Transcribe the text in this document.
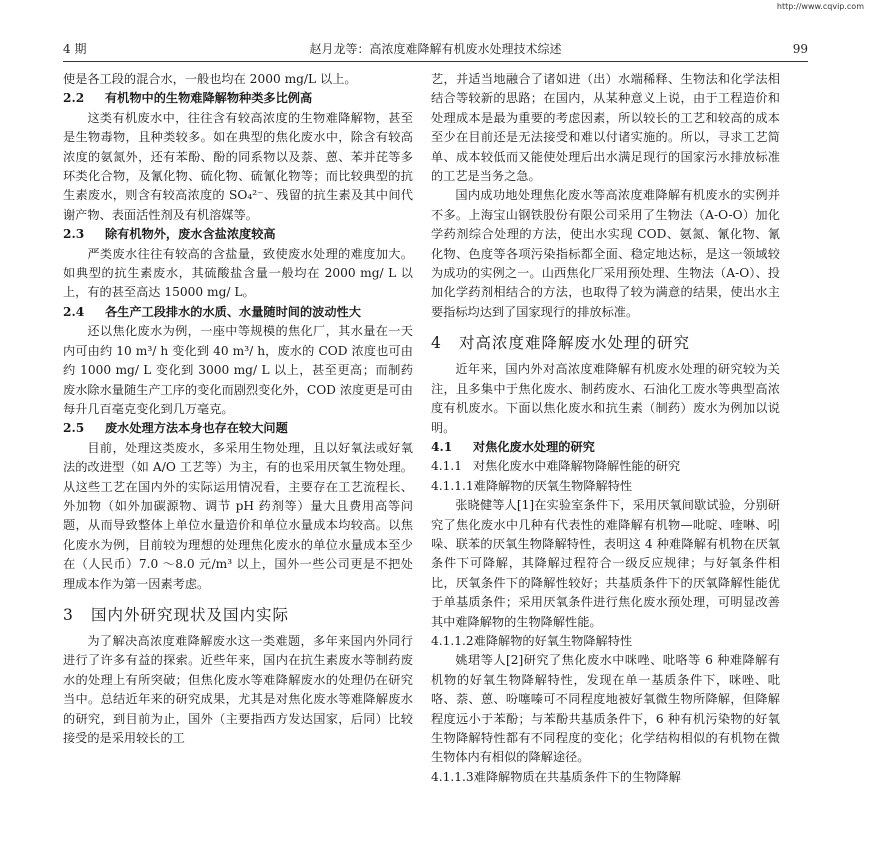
http://www.cqvip.com
4 期	赵月龙等：高浓度难降解有机废水处理技术综述	99

使是各工段的混合水，一般也均在 2000 mg/L 以上。

2.2 有机物中的生物难降解物种类多比例高

这类有机废水中，往往含有较高浓度的生物难降解物，甚至是生物毒物，且种类较多。如在典型的焦化废水中，除含有较高浓度的氨氮外，还有苯酚、酚的同系物以及萘、蒽、苯并芘等多环类化合物，及氰化物、硫化物、硫氰化物等；而比较典型的抗生素废水，则含有较高浓度的 SO₄²⁻、残留的抗生素及其中间代谢产物、表面活性剂及有机溶媒等。

2.3 除有机物外，废水含盐浓度较高

严类废水往往有较高的含盐量，致使废水处理的难度加大。如典型的抗生素废水，其硫酸盐含量一般均在 2000 mg/ L 以上，有的甚至高达 15000 mg/ L。

2.4 各生产工段排水的水质、水量随时间的波动性大

还以焦化废水为例，一座中等规模的焦化厂，其水量在一天内可由约 10 m³/ h 变化到 40 m³/ h，废水的 COD 浓度也可由约 1000 mg/ L 变化到 3000 mg/ L 以上，甚至更高；而制药废水除水量随生产工序的变化而剧烈变化外，COD 浓度更是可由每升几百毫克变化到几万毫克。

2.5 废水处理方法本身也存在较大问题

目前，处理这类废水，多采用生物处理，且以好氧法或好氧法的改进型（如 A/O 工艺等）为主，有的也采用厌氧生物处理。从这些工艺在国内外的实际运用情况看，主要存在工艺流程长、外加物（如外加碳源物、调节 pH 药剂等）量大且费用高等问题，从而导致整体上单位水量造价和单位水量成本均较高。以焦化废水为例，目前较为理想的处理焦化废水的单位水量成本至少在（人民币）7.0 ～8.0 元/m³ 以上，国外一些公司更是不把处理成本作为第一因素考虑。

3 国内外研究现状及国内实际

为了解决高浓度难降解废水这一类难题，多年来国内外同行进行了许多有益的探索。近些年来，国内在抗生素废水等制药废水的处理上有所突破；但焦化废水等难降解废水的处理仍在研究当中。总结近年来的研究成果，尤其是对焦化废水等难降解废水的研究，到目前为止，国外（主要指西方发达国家，后同）比较接受的是采用较长的工

艺，并适当地融合了诸如进（出）水端稀释、生物法和化学法相结合等较新的思路；在国内，从某种意义上说，由于工程造价和处理成本是最为重要的考虑因素，所以较长的工艺和较高的成本至少在目前还是无法接受和难以付诸实施的。所以，寻求工艺简单、成本较低而又能使处理后出水满足现行的国家污水排放标准的工艺是当务之急。

国内成功地处理焦化废水等高浓度难降解有机废水的实例并不多。上海宝山钢铁股份有限公司采用了生物法（A-O-O）加化学药剂综合处理的方法，使出水实现 COD、氨氮、氰化物、氰化物、色度等各项污染指标都全面、稳定地达标，是这一领域较为成功的实例之一。山西焦化厂采用预处理、生物法（A-O）、投加化学药剂相结合的方法，也取得了较为满意的结果，使出水主要指标均达到了国家现行的排放标准。

4 对高浓度难降解废水处理的研究

近年来，国内外对高浓度难降解有机废水处理的研究较为关注，且多集中于焦化废水、制药废水、石油化工废水等典型高浓度有机废水。下面以焦化废水和抗生素（制药）废水为例加以说明。

4.1 对焦化废水处理的研究
4.1.1 对焦化废水中难降解物降解性能的研究
4.1.1.1难降解物的厌氧生物降解特性

张晓健等人[1]在实验室条件下，采用厌氧间歇试验，分别研究了焦化废水中几种有代表性的难降解有机物—吡啶、喹啉、吲哚、联苯的厌氧生物降解特性，表明这 4 种难降解有机物在厌氧条件下可降解，其降解过程符合一级反应规律；与好氧条件相比，厌氧条件下的降解性较好；共基质条件下的厌氧降解性能优于单基质条件；采用厌氧条件进行焦化废水预处理，可明显改善其中难降解物的生物降解性能。

4.1.1.2难降解物的好氧生物降解特性

姚珺等人[2]研究了焦化废水中咪唑、吡咯等 6 种难降解有机物的好氧生物降解特性，发现在单一基质条件下，咪唑、吡咯、萘、蒽、吩噻嗪可不同程度地被好氧微生物所降解，但降解程度远小于苯酚；与苯酚共基质条件下，6 种有机污染物的好氧生物降解特性都有不同程度的变化；化学结构相似的有机物在微生物体内有相似的降解途径。

4.1.1.3难降解物质在共基质条件下的生物降解
